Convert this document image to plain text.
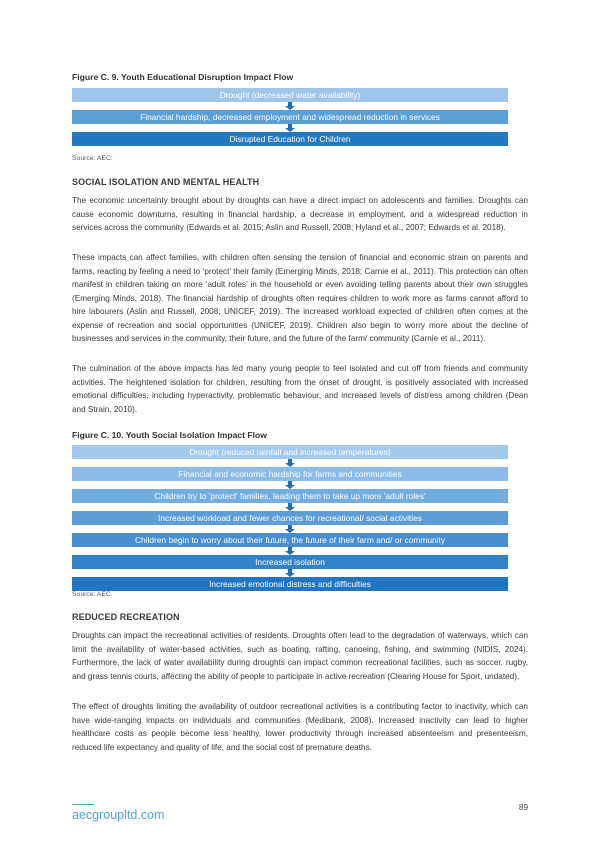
Figure C. 9. Youth Educational Disruption Impact Flow
Drought (decreased water availability)
Financial hardship, decreased employment and widespread reduction in services
Disrupted Education for Children
Source: AEC.
SOCIAL ISOLATION AND MENTAL HEALTH

The economic uncertainty brought about by droughts can have a direct impact on adolescents and families. Droughts can cause economic downturns, resulting in financial hardship, a decrease in employment, and a widespread reduction in services across the community (Edwards et al. 2015; Aslin and Russell, 2008; Hyland et al., 2007; Edwards et al. 2018).

These impacts can affect families, with children often sensing the tension of financial and economic strain on parents and farms, reacting by feeling a need to ‘protect’ their family (Emerging Minds, 2018; Carnie et al., 2011). This protection can often manifest in children taking on more ‘adult roles’ in the household or even avoiding telling parents about their own struggles (Emerging Minds, 2018). The financial hardship of droughts often requires children to work more as farms cannot afford to hire labourers (Aslin and Russell, 2008; UNICEF, 2019). The increased workload expected of children often comes at the expense of recreation and social opportunities (UNICEF, 2019). Children also begin to worry more about the decline of businesses and services in the community, their future, and the future of the farm/ community (Carnie et al., 2011).

The culmination of the above impacts has led many young people to feel isolated and cut off from friends and community activities. The heightened isolation for children, resulting from the onset of drought, is positively associated with increased emotional difficulties, including hyperactivity, problematic behaviour, and increased levels of distress among children (Dean and Strain, 2010).

Figure C. 10. Youth Social Isolation Impact Flow
Drought (reduced rainfall and increased temperatures)
Financial and economic hardship for farms and communities
Children try to 'protect' families, leading them to take up more 'adult roles'
Increased workload and fewer chances for recreational/ social activities
Children begin to worry about their future, the future of their farm and/ or community
Increased isolation
Increased emotional distress and difficulties
Source: AEC.
REDUCED RECREATION

Droughts can impact the recreational activities of residents. Droughts often lead to the degradation of waterways, which can limit the availability of water-based activities, such as boating, rafting, canoeing, fishing, and swimming (NIDIS, 2024). Furthermore, the lack of water availability during droughts can impact common recreational facilities, such as soccer, rugby, and grass tennis courts, affecting the ability of people to participate in active recreation (Clearing House for Sport, undated).

The effect of droughts limiting the availability of outdoor recreational activities is a contributing factor to inactivity, which can have wide-ranging impacts on individuals and communities (Medibank, 2008). Increased inactivity can lead to higher healthcare costs as people become less healthy, lower productivity through increased absenteeism and presenteeism, reduced life expectancy and quality of life, and the social cost of premature deaths.

aecgroupltd.com
89
